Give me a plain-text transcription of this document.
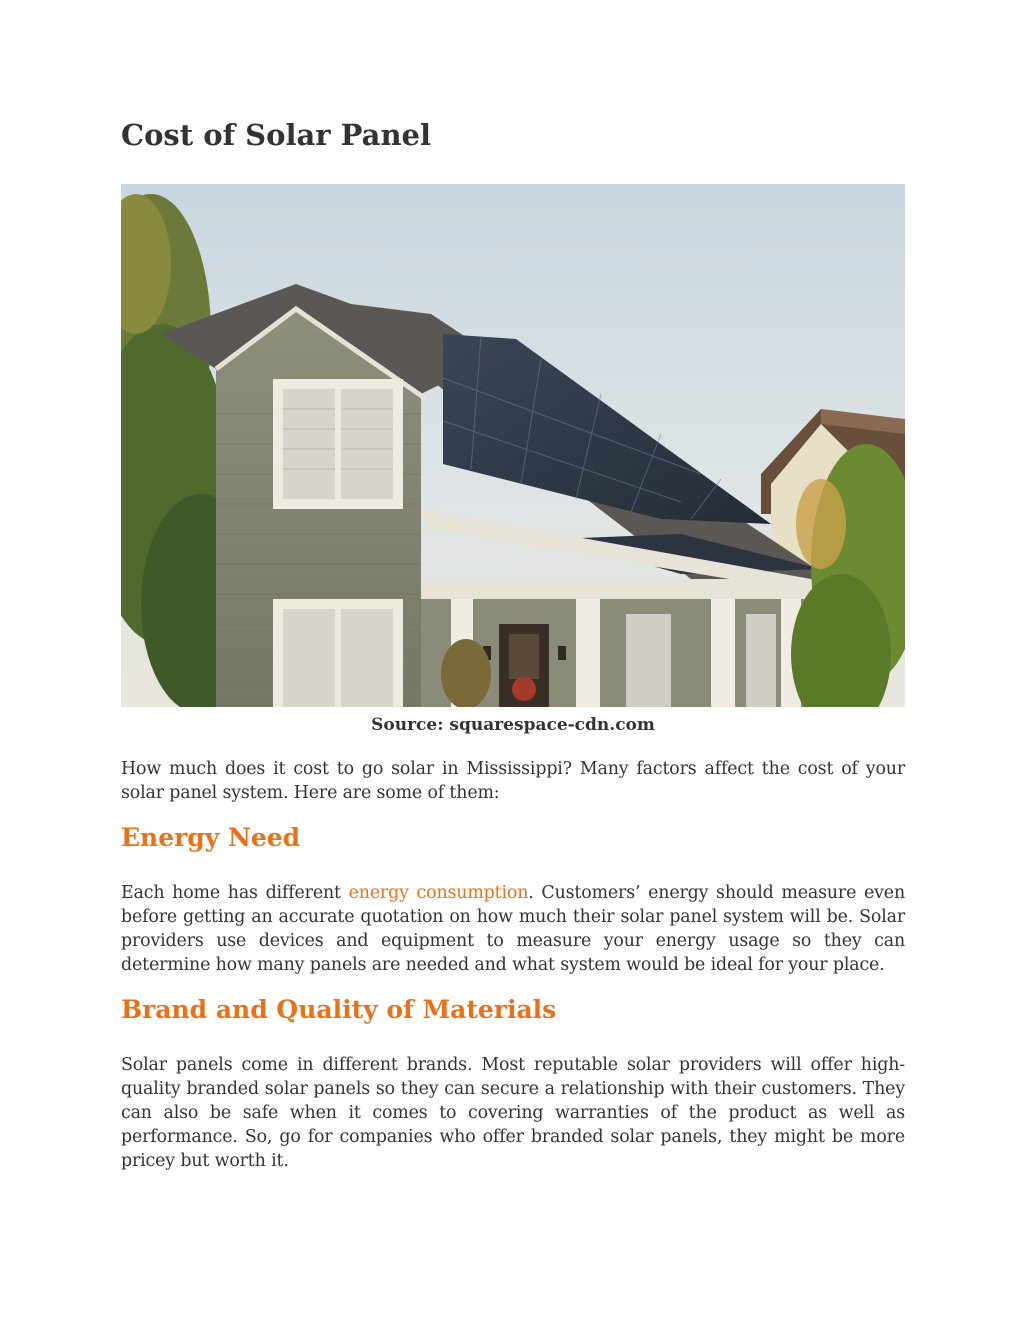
Cost of Solar Panel
Source: squarespace-cdn.com

How much does it cost to go solar in Mississippi? Many factors affect the cost of your solar panel system. Here are some of them:

Energy Need

Each home has different energy consumption. Customers’ energy should measure even before getting an accurate quotation on how much their solar panel system will be. Solar providers use devices and equipment to measure your energy usage so they can determine how many panels are needed and what system would be ideal for your place.

Brand and Quality of Materials

Solar panels come in different brands. Most reputable solar providers will offer high-quality branded solar panels so they can secure a relationship with their customers. They can also be safe when it comes to covering warranties of the product as well as performance. So, go for companies who offer branded solar panels, they might be more pricey but worth it.
